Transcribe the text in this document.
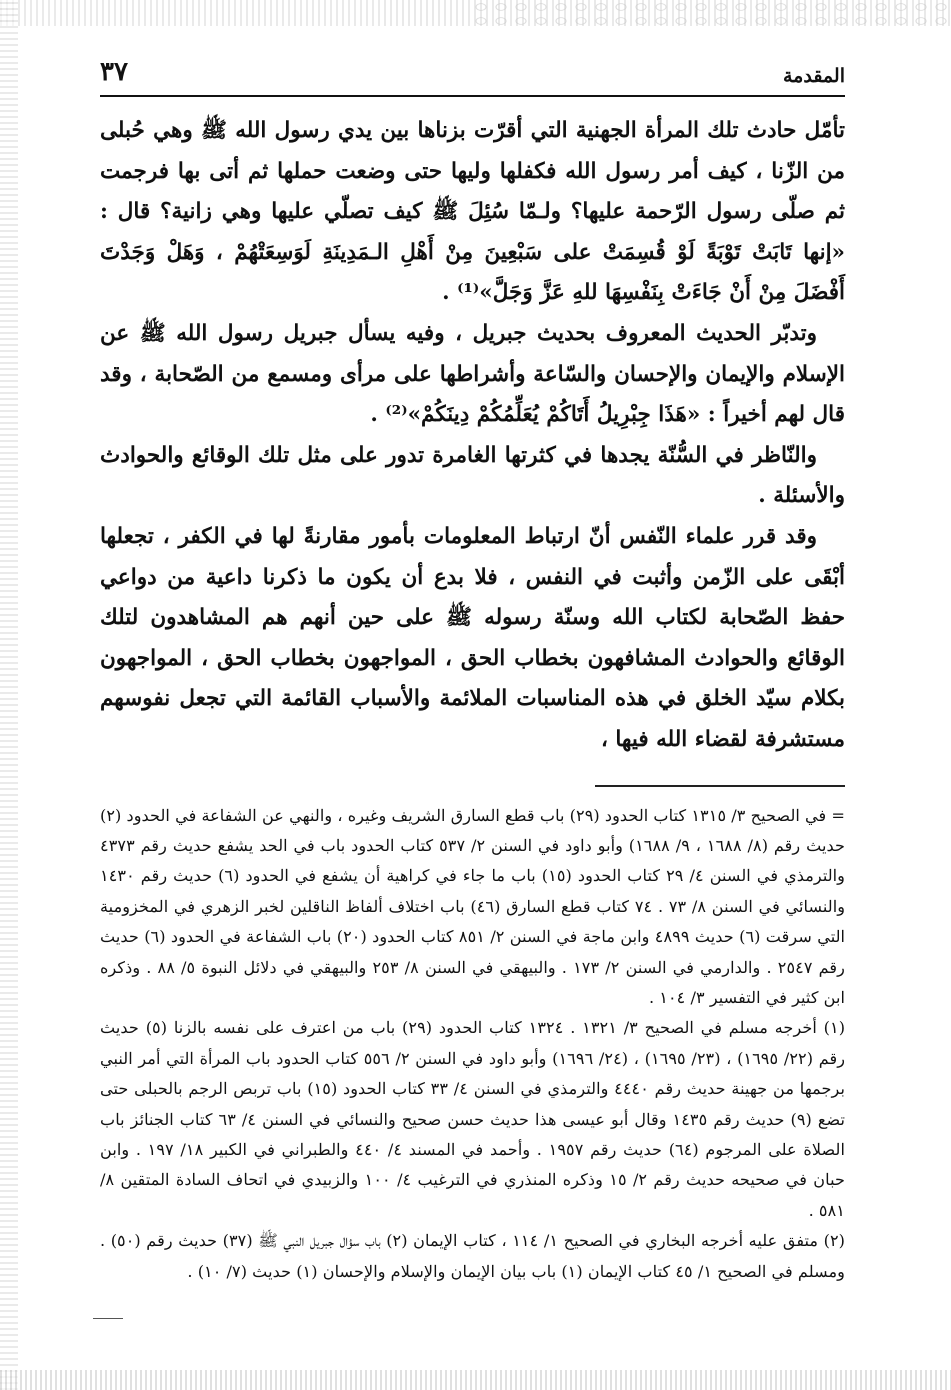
المقدمة
٣٧

تأمّل حادث تلك المرأة الجهنية التي أقرّت بزناها بين يدي رسول الله ﷺ وهي حُبلى من الزّنا ، كيف أمر رسول الله فكفلها وليها حتى وضعت حملها ثم أتى بها فرجمت ثم صلّى رسول الرّحمة عليها؟ ولـمّا سُئِلَ ﷺ كيف تصلّي عليها وهي زانية؟ قال : «إنها تَابَتْ تَوْبَةً لَوْ قُسِمَتْ على سَبْعِينَ مِنْ أَهْلِ الـمَدِينَةِ لَوَسِعَتْهُمْ ، وَهَلْ وَجَدْتَ أَفْضَلَ مِنْ أَنْ جَاءَتْ بِنَفْسِهَا للهِ عَزَّ وَجَلَّ»⁽¹⁾ .

وتدبّر الحديث المعروف بحديث جبريل ، وفيه يسأل جبريل رسول الله ﷺ عن الإسلام والإيمان والإحسان والسّاعة وأشراطها على مرأى ومسمع من الصّحابة ، وقد قال لهم أخيراً : «هَذَا جِبْرِيلُ أَتَاكُمْ يُعَلِّمُكُمْ دِينَكُمْ»⁽²⁾ .

والنّاظر في السُّنّة يجدها في كثرتها الغامرة تدور على مثل تلك الوقائع والحوادث والأسئلة .

وقد قرر علماء النّفس أنّ ارتباط المعلومات بأمور مقارنةً لها في الكفر ، تجعلها أبْقَى على الزّمن وأثبت في النفس ، فلا بدع أن يكون ما ذكرنا داعية من دواعي حفظ الصّحابة لكتاب الله وسنّة رسوله ﷺ على حين أنهم هم المشاهدون لتلك الوقائع والحوادث المشافهون بخطاب الحق ، المواجهون بخطاب الحق ، المواجهون بكلام سيّد الخلق في هذه المناسبات الملائمة والأسباب القائمة التي تجعل نفوسهم مستشرفة لقضاء الله فيها ،

= في الصحيح ٣/ ١٣١٥ كتاب الحدود (٢٩) باب قطع السارق الشريف وغيره ، والنهي عن الشفاعة في الحدود (٢) حديث رقم (٨/ ١٦٨٨ ، ٩/ ١٦٨٨) وأبو داود في السنن ٢/ ٥٣٧ كتاب الحدود باب في الحد يشفع حديث رقم ٤٣٧٣ والترمذي في السنن ٤/ ٢٩ كتاب الحدود (١٥) باب ما جاء في كراهية أن يشفع في الحدود (٦) حديث رقم ١٤٣٠ والنسائي في السنن ٨/ ٧٣ . ٧٤ كتاب قطع السارق (٤٦) باب اختلاف ألفاظ الناقلين لخبر الزهري في المخزومية التي سرقت (٦) حديث ٤٨٩٩ وابن ماجة في السنن ٢/ ٨٥١ كتاب الحدود (٢٠) باب الشفاعة في الحدود (٦) حديث رقم ٢٥٤٧ . والدارمي في السنن ٢/ ١٧٣ . والبيهقي في السنن ٨/ ٢٥٣ والبيهقي في دلائل النبوة ٥/ ٨٨ . وذكره ابن كثير في التفسير ٣/ ١٠٤ .

(١) أخرجه مسلم في الصحيح ٣/ ١٣٢١ . ١٣٢٤ كتاب الحدود (٢٩) باب من اعترف على نفسه بالزنا (٥) حديث رقم (٢٢/ ١٦٩٥) ، (٢٣/ ١٦٩٥) ، (٢٤/ ١٦٩٦) وأبو داود في السنن ٢/ ٥٥٦ كتاب الحدود باب المرأة التي أمر النبي برجمها من جهينة حديث رقم ٤٤٤٠ والترمذي في السنن ٤/ ٣٣ كتاب الحدود (١٥) باب تربص الرجم بالحبلى حتى تضع (٩) حديث رقم ١٤٣٥ وقال أبو عيسى هذا حديث حسن صحيح والنسائي في السنن ٤/ ٦٣ كتاب الجنائز باب الصلاة على المرجوم (٦٤) حديث رقم ١٩٥٧ . وأحمد في المسند ٤/ ٤٤٠ والطبراني في الكبير ١٨/ ١٩٧ . وابن حبان في صحيحه حديث رقم ٢/ ١٥ وذكره المنذري في الترغيب ٤/ ١٠٠ والزبيدي في اتحاف السادة المتقين ٨/ ٥٨١ .

(٢) متفق عليه أخرجه البخاري في الصحيح ١/ ١١٤ ، كتاب الإيمان (٢) باب سؤال جبريل النبي ﷺ (٣٧) حديث رقم (٥٠) . ومسلم في الصحيح ١/ ٤٥ كتاب الإيمان (١) باب بيان الإيمان والإسلام والإحسان (١) حديث (٧/ ١٠) .
